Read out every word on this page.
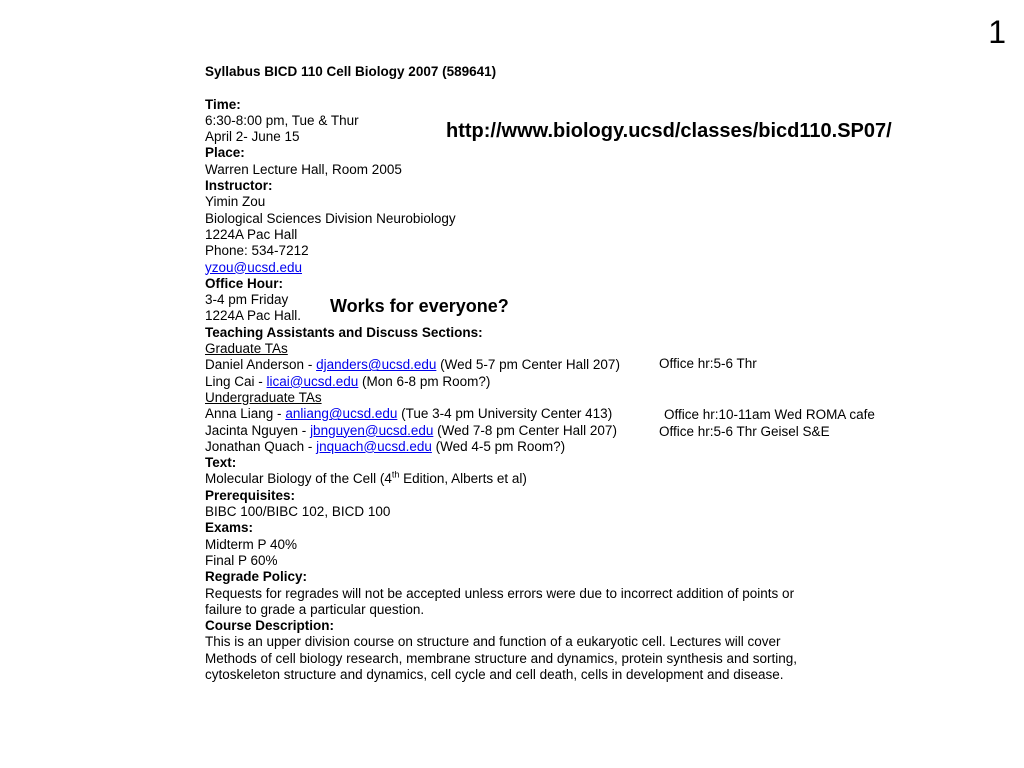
1
http://www.biology.ucsd/classes/bicd110.SP07/
Works for everyone?
Office hr:5-6 Thr
Office hr:10-11am Wed ROMA cafe
Office hr:5-6 Thr Geisel S&E
Syllabus BICD 110 Cell Biology 2007 (589641)
Time:
6:30-8:00 pm, Tue & Thur
April 2- June 15
Place:
Warren Lecture Hall, Room 2005
Instructor:
Yimin Zou
Biological Sciences Division Neurobiology
1224A Pac Hall
Phone: 534-7212
yzou@ucsd.edu
Office Hour:
3-4 pm Friday
1224A Pac Hall.
Teaching Assistants and Discuss Sections:
Graduate TAs
Daniel Anderson - djanders@ucsd.edu (Wed 5-7 pm Center Hall 207)
Ling Cai - licai@ucsd.edu (Mon 6-8 pm Room?)
Undergraduate TAs
Anna Liang - anliang@ucsd.edu (Tue 3-4 pm University Center 413)
Jacinta Nguyen - jbnguyen@ucsd.edu (Wed 7-8 pm Center Hall 207)
Jonathan Quach - jnquach@ucsd.edu (Wed 4-5 pm Room?)
Text:
Molecular Biology of the Cell (4th Edition, Alberts et al)
Prerequisites:
BIBC 100/BIBC 102, BICD 100
Exams:
Midterm P 40%
Final P 60%
Regrade Policy:
Requests for regrades will not be accepted unless errors were due to incorrect addition of points or failure to grade a particular question.
Course Description:
This is an upper division course on structure and function of a eukaryotic cell. Lectures will cover Methods of cell biology research, membrane structure and dynamics, protein synthesis and sorting, cytoskeleton structure and dynamics, cell cycle and cell death, cells in development and disease.
